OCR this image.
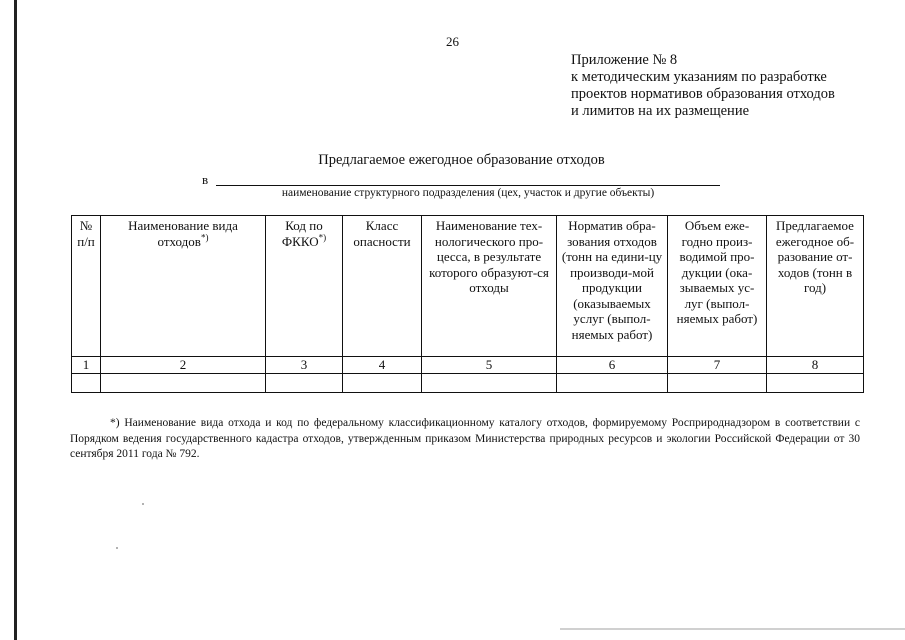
26
Приложение № 8
к методическим указаниям по разработке
проектов нормативов образования отходов
и лимитов на их размещение
Предлагаемое ежегодное образование отходов
в
наименование структурного подразделения (цех, участок и другие объекты)
№ п/п	Наименование вида отходов*)	Код по ФККО*)	Класс опасности	Наименование тех-нологического про-цесса, в результате которого образуют-ся отходы	Норматив обра-зования отходов (тонн на едини-цу производи-мой продукции (оказываемых услуг (выпол-няемых работ)	Объем еже-годно произ-водимой про-дукции (ока-зываемых ус-луг (выпол-няемых работ)	Предлагаемое ежегодное об-разование от-ходов (тонн в год)
1	2	3	4	5	6	7	8

*) Наименование вида отхода и код по федеральному классификационному каталогу отходов, формируемому Росприроднадзором в соответствии с Порядком ведения государственного кадастра отходов, утвержденным приказом Министерства природных ресурсов и экологии Российской Федерации от 30 сентября 2011 года № 792.
